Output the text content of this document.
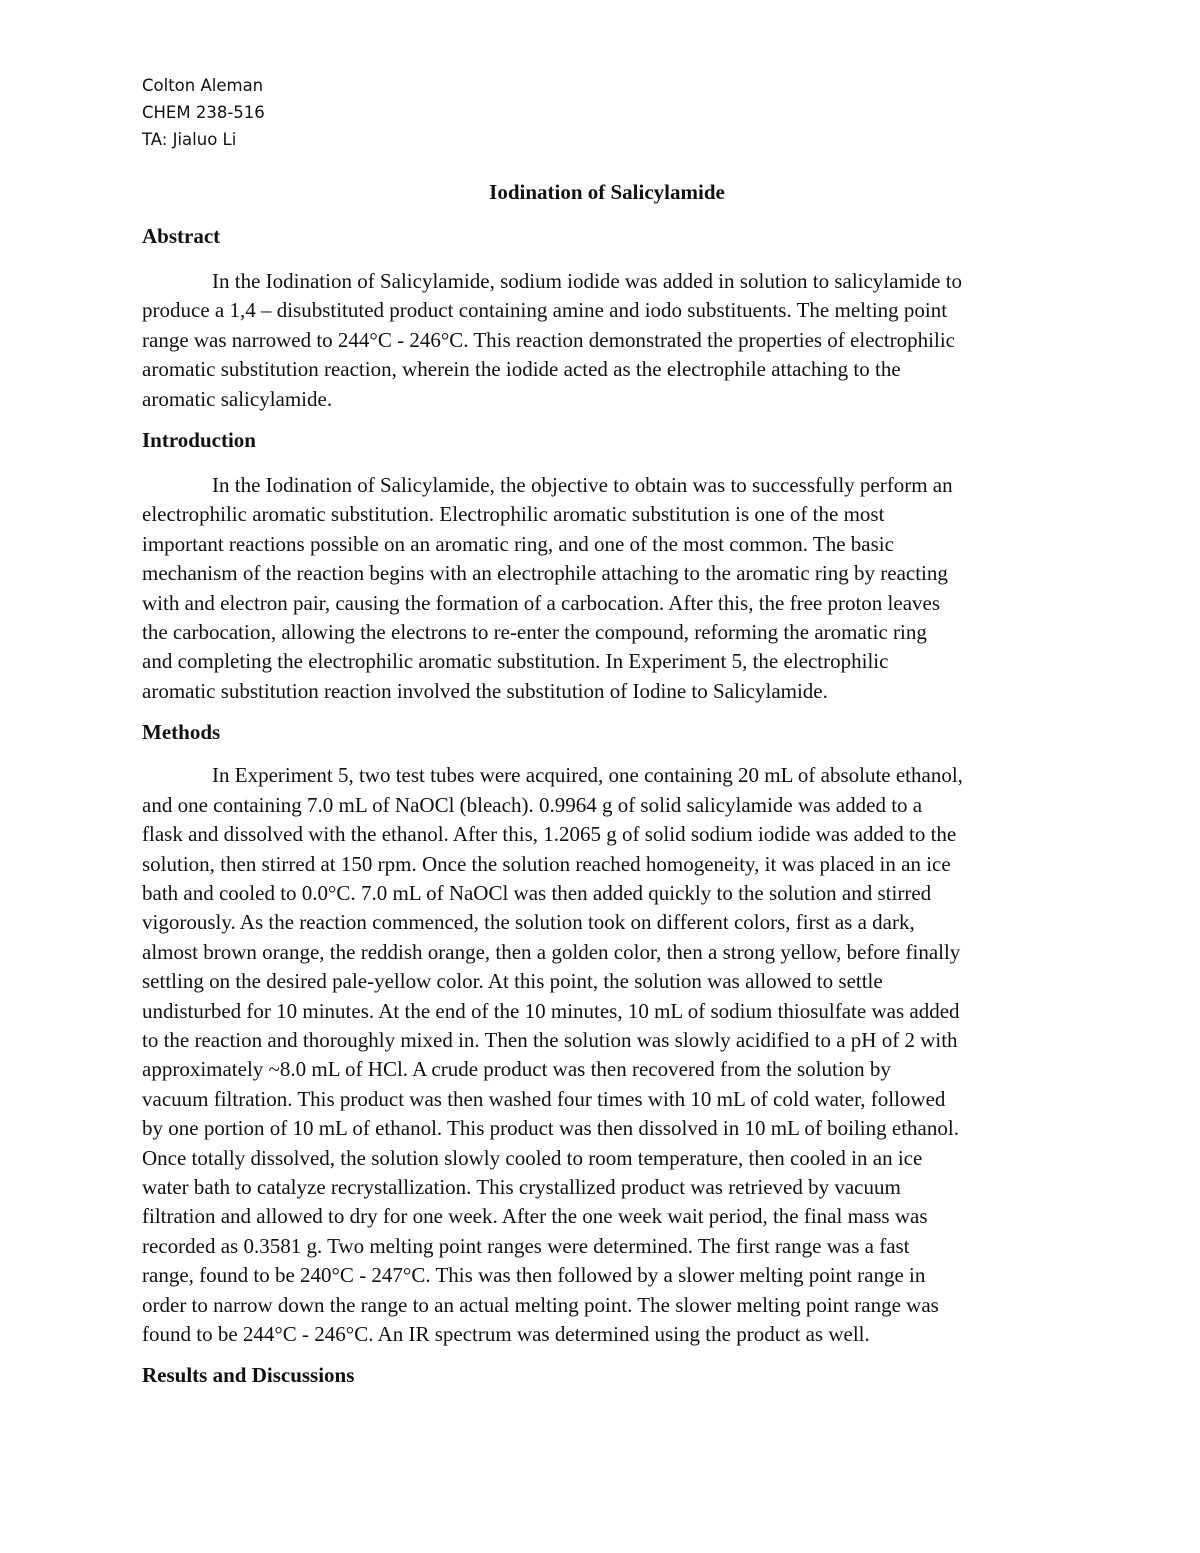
Colton Aleman
CHEM 238-516
TA: Jialuo Li
Iodination of Salicylamide
Abstract
In the Iodination of Salicylamide, sodium iodide was added in solution to salicylamide to
produce a 1,4 – disubstituted product containing amine and iodo substituents. The melting point
range was narrowed to 244°C - 246°C. This reaction demonstrated the properties of electrophilic
aromatic substitution reaction, wherein the iodide acted as the electrophile attaching to the
aromatic salicylamide.
Introduction
In the Iodination of Salicylamide, the objective to obtain was to successfully perform an
electrophilic aromatic substitution. Electrophilic aromatic substitution is one of the most
important reactions possible on an aromatic ring, and one of the most common. The basic
mechanism of the reaction begins with an electrophile attaching to the aromatic ring by reacting
with and electron pair, causing the formation of a carbocation. After this, the free proton leaves
the carbocation, allowing the electrons to re-enter the compound, reforming the aromatic ring
and completing the electrophilic aromatic substitution. In Experiment 5, the electrophilic
aromatic substitution reaction involved the substitution of Iodine to Salicylamide.
Methods
In Experiment 5, two test tubes were acquired, one containing 20 mL of absolute ethanol,
and one containing 7.0 mL of NaOCl (bleach). 0.9964 g of solid salicylamide was added to a
flask and dissolved with the ethanol. After this, 1.2065 g of solid sodium iodide was added to the
solution, then stirred at 150 rpm. Once the solution reached homogeneity, it was placed in an ice
bath and cooled to 0.0°C. 7.0 mL of NaOCl was then added quickly to the solution and stirred
vigorously. As the reaction commenced, the solution took on different colors, first as a dark,
almost brown orange, the reddish orange, then a golden color, then a strong yellow, before finally
settling on the desired pale-yellow color. At this point, the solution was allowed to settle
undisturbed for 10 minutes. At the end of the 10 minutes, 10 mL of sodium thiosulfate was added
to the reaction and thoroughly mixed in. Then the solution was slowly acidified to a pH of 2 with
approximately ~8.0 mL of HCl. A crude product was then recovered from the solution by
vacuum filtration. This product was then washed four times with 10 mL of cold water, followed
by one portion of 10 mL of ethanol. This product was then dissolved in 10 mL of boiling ethanol.
Once totally dissolved, the solution slowly cooled to room temperature, then cooled in an ice
water bath to catalyze recrystallization. This crystallized product was retrieved by vacuum
filtration and allowed to dry for one week. After the one week wait period, the final mass was
recorded as 0.3581 g. Two melting point ranges were determined. The first range was a fast
range, found to be 240°C - 247°C. This was then followed by a slower melting point range in
order to narrow down the range to an actual melting point. The slower melting point range was
found to be 244°C - 246°C. An IR spectrum was determined using the product as well.
Results and Discussions
